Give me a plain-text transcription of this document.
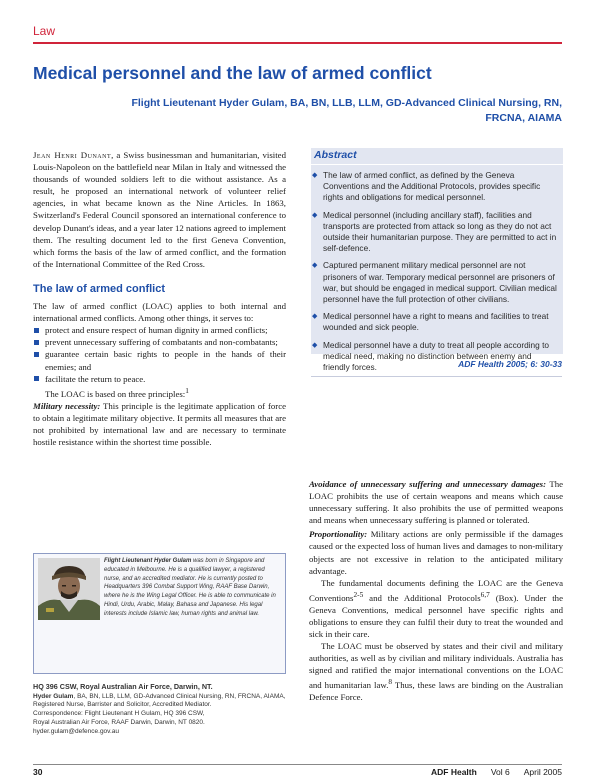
Law
Medical personnel and the law of armed conflict
Flight Lieutenant Hyder Gulam, BA, BN, LLB, LLM, GD-Advanced Clinical Nursing, RN,
FRCNA, AIAMA

Jean Henri Dunant, a Swiss businessman and humanitarian, visited Louis-Napoleon on the battlefield near Milan in Italy and witnessed the thousands of wounded soldiers left to die without assistance. As a result, he proposed an international network of volunteer relief agencies, in what became known as the Nine Articles. In 1863, Switzerland's Federal Council sponsored an international conference to develop Dunant's ideas, and a year later 12 nations agreed to implement them. The resulting document led to the first Geneva Convention, which forms the basis of the law of armed conflict, and the formation of the International Committee of the Red Cross.

The law of armed conflict

The law of armed conflict (LOAC) applies to both internal and international armed conflicts. Among other things, it serves to:

protect and ensure respect of human dignity in armed conflicts;
prevent unnecessary suffering of combatants and non-combatants;
guarantee certain basic rights to people in the hands of their enemies; and
facilitate the return to peace.

The LOAC is based on three principles:$^1$

Military necessity: This principle is the legitimate application of force to obtain a legitimate military objective. It permits all measures that are not prohibited by international law and are necessary to terminate hostile resistance within the shortest time possible.

Abstract
◆ The law of armed conflict, as defined by the Geneva Conventions and the Additional Protocols, provides specific rights and obligations for medical personnel.
◆ Medical personnel (including ancillary staff), facilities and transports are protected from attack so long as they do not act outside their humanitarian purpose. They are permitted to act in self-defence.
◆ Captured permanent military medical personnel are not prisoners of war. Temporary medical personnel are prisoners of war, but should be engaged in medical support. Civilian medical personnel have the full protection of other civilians.
◆ Medical personnel have a right to means and facilities to treat wounded and sick people.
◆ Medical personnel have a duty to treat all people according to medical need, making no distinction between enemy and friendly forces.	ADF Health 2005; 6: 30-33

Avoidance of unnecessary suffering and unnecessary damages: The LOAC prohibits the use of certain weapons and means which cause unnecessary suffering. It also prohibits the use of permitted weapons and means when unnecessary suffering is planned or tolerated.

Proportionality: Military actions are only permissible if the damages caused or the expected loss of human lives and damages to non-military objects are not excessive in relation to the anticipated military advantage.

The fundamental documents defining the LOAC are the Geneva Conventions$^{2-5}$ and the Additional Protocols$^{6,7}$ (Box). Under the Geneva Conventions, medical personnel have specific rights and obligations to ensure they can fulfil their duty to treat the wounded and sick in their care.

The LOAC must be observed by states and their civil and military authorities, as well as by civilian and military individuals. Australia has signed and ratified the major international conventions on the LOAC and humanitarian law.$^8$ Thus, these laws are binding on the Australian Defence Force.

Flight Lieutenant Hyder Gulam was born in Singapore and educated in Melbourne. He is a qualified lawyer, a registered nurse, and an accredited mediator. He is currently posted to Headquarters 396 Combat Support Wing, RAAF Base Darwin, where he is the Wing Legal Officer. He is able to communicate in Hindi, Urdu, Arabic, Malay, Bahasa and Japanese. His legal interests include Islamic law, human rights and animal law.
HQ 396 CSW, Royal Australian Air Force, Darwin, NT.
Hyder Gulam, BA, BN, LLB, LLM, GD-Advanced Clinical Nursing, RN, FRCNA, AIAMA, Registered Nurse, Barrister and Solicitor, Accredited Mediator.
Correspondence: Flight Lieutenant H Gulam, HQ 396 CSW,
Royal Australian Air Force, RAAF Darwin, Darwin, NT 0820.
hyder.gulam@defence.gov.au
30	ADF Health Vol 6 April 2005
